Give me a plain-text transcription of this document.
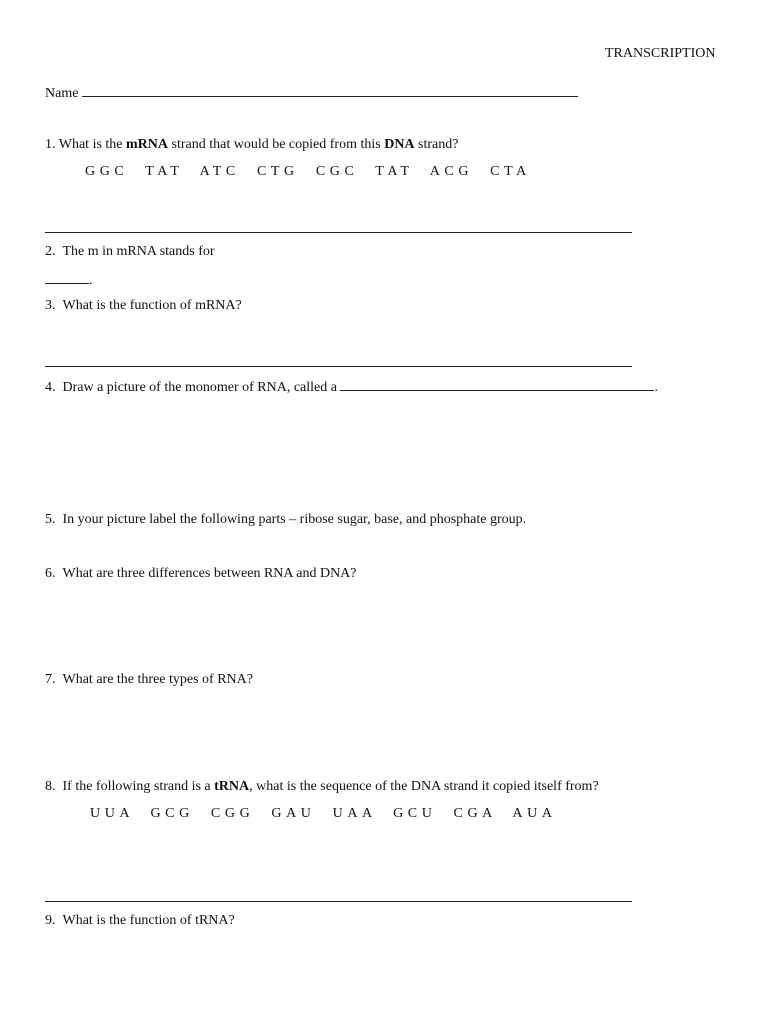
TRANSCRIPTION
Name
1. What is the mRNA strand that would be copied from this DNA strand?
GGC TAT ATC CTG CGC TAT ACG CTA
2. The m in mRNA stands for
.
3. What is the function of mRNA?
4. Draw a picture of the monomer of RNA, called a	.
5. In your picture label the following parts – ribose sugar, base, and phosphate group.
6. What are three differences between RNA and DNA?
7. What are the three types of RNA?
8. If the following strand is a tRNA, what is the sequence of the DNA strand it copied itself from?
UUA GCG CGG GAU UAA GCU CGA AUA
9. What is the function of tRNA?
